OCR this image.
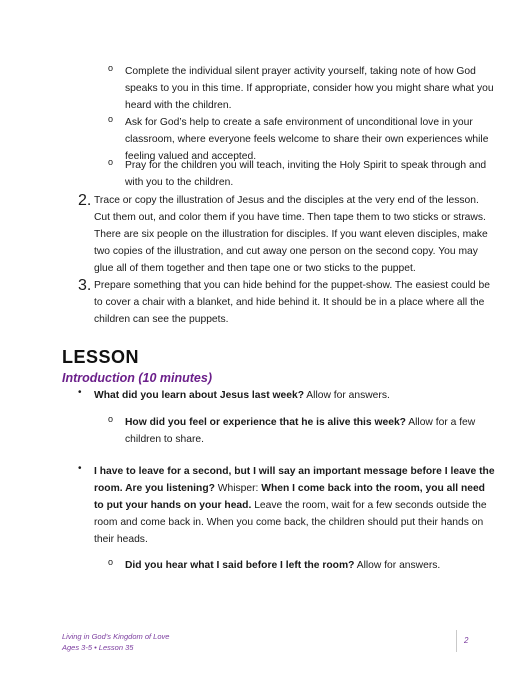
o Complete the individual silent prayer activity yourself, taking note of how God speaks to you in this time. If appropriate, consider how you might share what you heard with the children.

o Ask for God’s help to create a safe environment of unconditional love in your classroom, where everyone feels welcome to share their own experiences while feeling valued and accepted.

o Pray for the children you will teach, inviting the Holy Spirit to speak through and with you to the children.

2. Trace or copy the illustration of Jesus and the disciples at the very end of the lesson. Cut them out, and color them if you have time. Then tape them to two sticks or straws. There are six people on the illustration for disciples. If you want eleven disciples, make two copies of the illustration, and cut away one person on the second copy. You may glue all of them together and then tape one or two sticks to the puppet.

3. Prepare something that you can hide behind for the puppet-show. The easiest could be to cover a chair with a blanket, and hide behind it. It should be in a place where all the children can see the puppets.

LESSON
Introduction (10 minutes)
• What did you learn about Jesus last week? Allow for answers.

o How did you feel or experience that he is alive this week? Allow for a few children to share.

• I have to leave for a second, but I will say an important message before I leave the room. Are you listening? Whisper: When I come back into the room, you all need to put your hands on your head. Leave the room, wait for a few seconds outside the room and come back in. When you come back, the children should put their hands on their heads.

o Did you hear what I said before I left the room? Allow for answers.

Living in God’s Kingdom of Love
Ages 3-5 • Lesson 35
2
